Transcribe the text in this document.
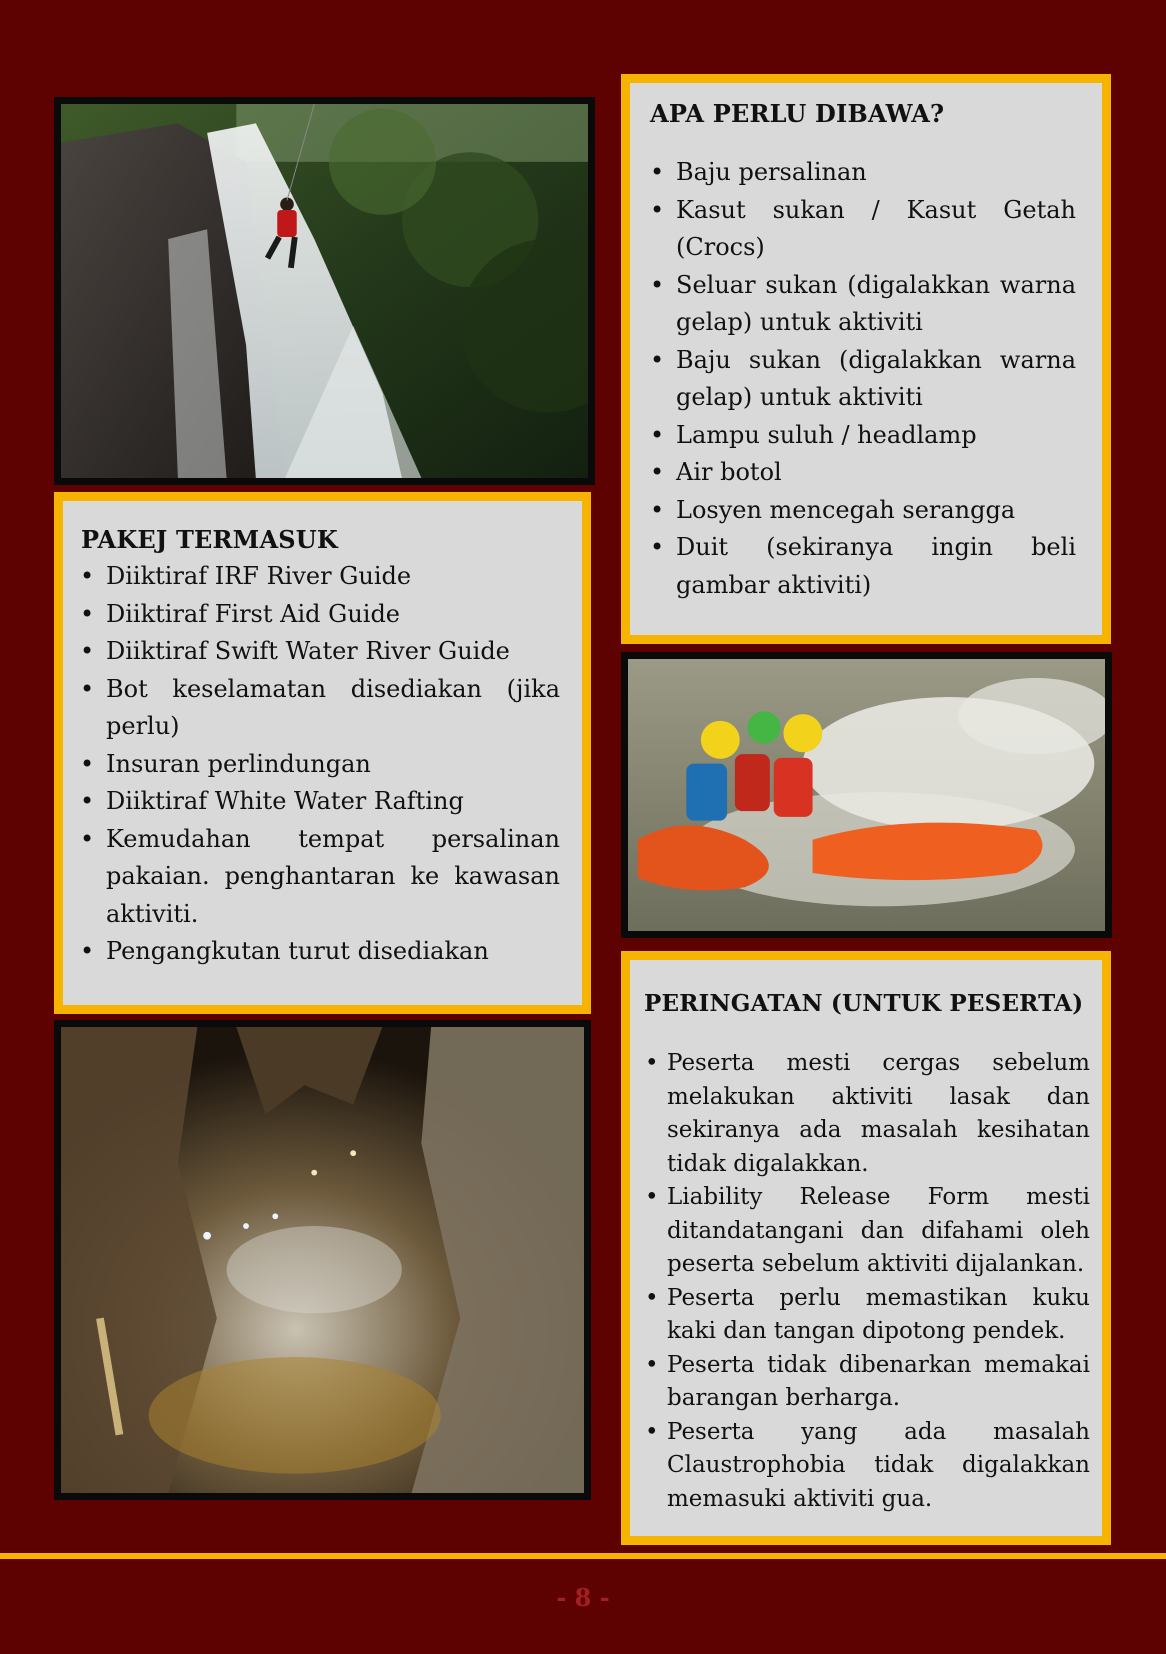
APA PERLU DIBAWA?
• Baju persalinan
• Kasut sukan / Kasut Getah (Crocs)
• Seluar sukan (digalakkan warna gelap) untuk aktiviti
• Baju sukan (digalakkan warna gelap) untuk aktiviti
• Lampu suluh / headlamp
• Air botol
• Losyen mencegah serangga
• Duit (sekiranya ingin beli gambar aktiviti)
PAKEJ TERMASUK
• Diiktiraf IRF River Guide
• Diiktiraf First Aid Guide
• Diiktiraf Swift Water River Guide
• Bot keselamatan disediakan (jika perlu)
• Insuran perlindungan
• Diiktiraf White Water Rafting
• Kemudahan tempat persalinan pakaian. penghantaran ke kawasan aktiviti.
• Pengangkutan turut disediakan
PERINGATAN (UNTUK PESERTA)
• Peserta mesti cergas sebelum melakukan aktiviti lasak dan sekiranya ada masalah kesihatan tidak digalakkan.
• Liability Release Form mesti ditandatangani dan difahami oleh peserta sebelum aktiviti dijalankan.
• Peserta perlu memastikan kuku kaki dan tangan dipotong pendek.
• Peserta tidak dibenarkan memakai barangan berharga.
• Peserta yang ada masalah Claustrophobia tidak digalakkan memasuki aktiviti gua.
- 8 -
